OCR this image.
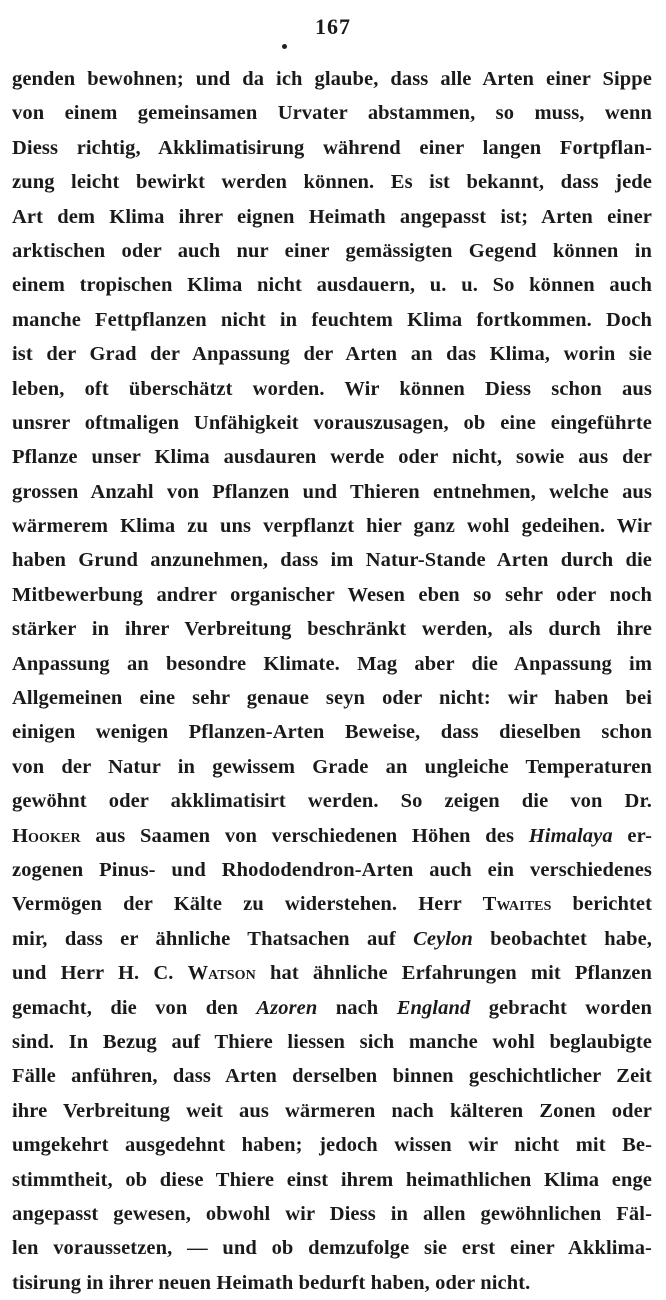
167
genden bewohnen; und da ich glaube, dass alle Arten einer Sippe
von einem gemeinsamen Urvater abstammen, so muss, wenn
Diess richtig, Akklimatisirung während einer langen Fortpflan-
zung leicht bewirkt werden können. Es ist bekannt, dass jede
Art dem Klima ihrer eignen Heimath angepasst ist; Arten einer
arktischen oder auch nur einer gemässigten Gegend können in
einem tropischen Klima nicht ausdauern, u. u. So können auch
manche Fettpflanzen nicht in feuchtem Klima fortkommen. Doch
ist der Grad der Anpassung der Arten an das Klima, worin sie
leben, oft überschätzt worden. Wir können Diess schon aus
unsrer oftmaligen Unfähigkeit vorauszusagen, ob eine eingeführte
Pflanze unser Klima ausdauren werde oder nicht, sowie aus der
grossen Anzahl von Pflanzen und Thieren entnehmen, welche aus
wärmerem Klima zu uns verpflanzt hier ganz wohl gedeihen. Wir
haben Grund anzunehmen, dass im Natur-Stande Arten durch die
Mitbewerbung andrer organischer Wesen eben so sehr oder noch
stärker in ihrer Verbreitung beschränkt werden, als durch ihre
Anpassung an besondre Klimate. Mag aber die Anpassung im
Allgemeinen eine sehr genaue seyn oder nicht: wir haben bei
einigen wenigen Pflanzen-Arten Beweise, dass dieselben schon
von der Natur in gewissem Grade an ungleiche Temperaturen
gewöhnt oder akklimatisirt werden. So zeigen die von Dr.
Hooker aus Saamen von verschiedenen Höhen des Himalaya er-
zogenen Pinus- und Rhododendron-Arten auch ein verschiedenes
Vermögen der Kälte zu widerstehen. Herr Twaites berichtet
mir, dass er ähnliche Thatsachen auf Ceylon beobachtet habe,
und Herr H. C. Watson hat ähnliche Erfahrungen mit Pflanzen
gemacht, die von den Azoren nach England gebracht worden
sind. In Bezug auf Thiere liessen sich manche wohl beglaubigte
Fälle anführen, dass Arten derselben binnen geschichtlicher Zeit
ihre Verbreitung weit aus wärmeren nach kälteren Zonen oder
umgekehrt ausgedehnt haben; jedoch wissen wir nicht mit Be-
stimmtheit, ob diese Thiere einst ihrem heimathlichen Klima enge
angepasst gewesen, obwohl wir Diess in allen gewöhnlichen Fäl-
len voraussetzen, — und ob demzufolge sie erst einer Akklima-
tisirung in ihrer neuen Heimath bedurft haben, oder nicht.
